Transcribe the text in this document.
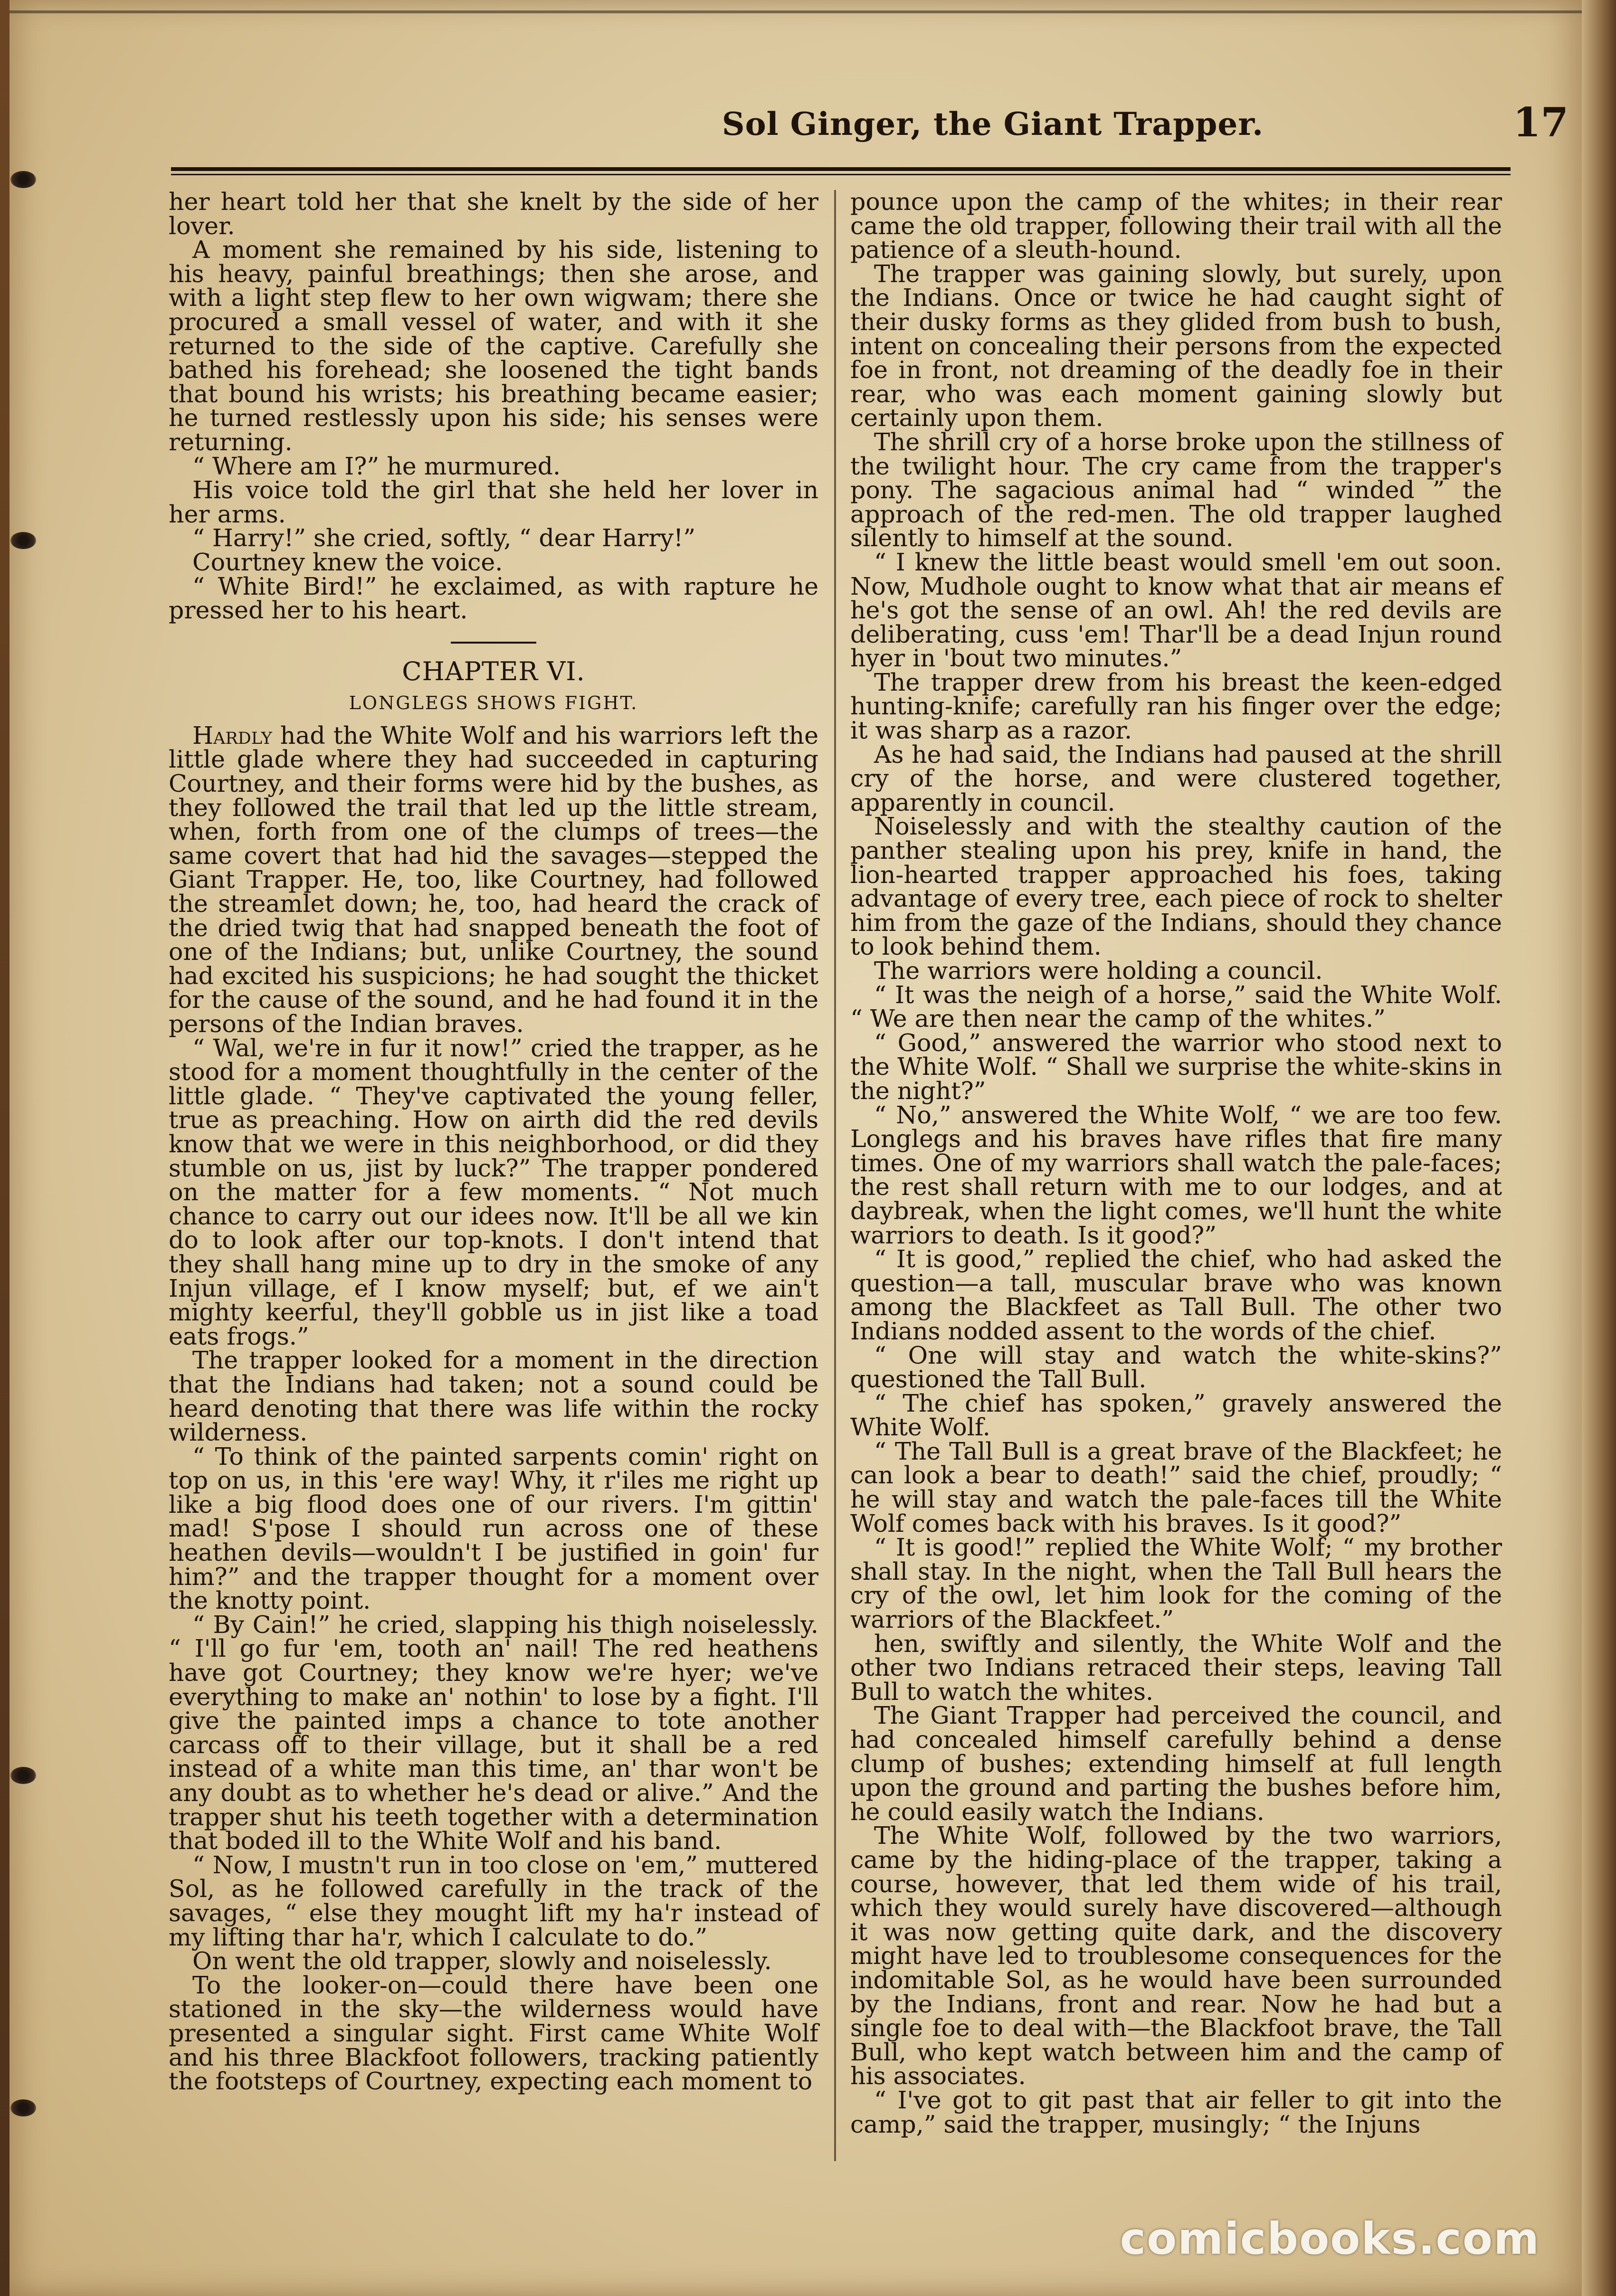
Sol Ginger, the Giant Trapper.	17

her heart told her that she knelt by the side of her lover.

A moment she remained by his side, listening to his heavy, painful breathings; then she arose, and with a light step flew to her own wigwam; there she procured a small vessel of water, and with it she returned to the side of the captive. Carefully she bathed his forehead; she loosened the tight bands that bound his wrists; his breathing became easier; he turned restlessly upon his side; his senses were returning.

“ Where am I?” he murmured.

His voice told the girl that she held her lover in her arms.

“ Harry!” she cried, softly, “ dear Harry!”

Courtney knew the voice.

“ White Bird!” he exclaimed, as with rapture he pressed her to his heart.

CHAPTER VI.
LONGLEGS SHOWS FIGHT.

Hardly had the White Wolf and his warriors left the little glade where they had succeeded in capturing Courtney, and their forms were hid by the bushes, as they followed the trail that led up the little stream, when, forth from one of the clumps of trees—the same covert that had hid the savages—stepped the Giant Trapper. He, too, like Courtney, had followed the streamlet down; he, too, had heard the crack of the dried twig that had snapped beneath the foot of one of the Indians; but, unlike Courtney, the sound had excited his suspicions; he had sought the thicket for the cause of the sound, and he had found it in the persons of the Indian braves.

“ Wal, we're in fur it now!” cried the trapper, as he stood for a moment thoughtfully in the center of the little glade. “ They've captivated the young feller, true as preaching. How on airth did the red devils know that we were in this neighborhood, or did they stumble on us, jist by luck?” The trapper pondered on the matter for a few moments. “ Not much chance to carry out our idees now. It'll be all we kin do to look after our top-knots. I don't intend that they shall hang mine up to dry in the smoke of any Injun village, ef I know myself; but, ef we ain't mighty keerful, they'll gobble us in jist like a toad eats frogs.”

The trapper looked for a moment in the direction that the Indians had taken; not a sound could be heard denoting that there was life within the rocky wilderness.

“ To think of the painted sarpents comin' right on top on us, in this 'ere way! Why, it r'iles me right up like a big flood does one of our rivers. I'm gittin' mad! S'pose I should run across one of these heathen devils—wouldn't I be justified in goin' fur him?” and the trapper thought for a moment over the knotty point.

“ By Cain!” he cried, slapping his thigh noiselessly. “ I'll go fur 'em, tooth an' nail! The red heathens have got Courtney; they know we're hyer; we've everything to make an' nothin' to lose by a fight. I'll give the painted imps a chance to tote another carcass off to their village, but it shall be a red instead of a white man this time, an' thar won't be any doubt as to whether he's dead or alive.” And the trapper shut his teeth together with a determination that boded ill to the White Wolf and his band.

“ Now, I mustn't run in too close on 'em,” muttered Sol, as he followed carefully in the track of the savages, “ else they mought lift my ha'r instead of my lifting thar ha'r, which I calculate to do.”

On went the old trapper, slowly and noiselessly.

To the looker-on—could there have been one stationed in the sky—the wilderness would have presented a singular sight. First came White Wolf and his three Blackfoot followers, tracking patiently the footsteps of Courtney, expecting each moment to

pounce upon the camp of the whites; in their rear came the old trapper, following their trail with all the patience of a sleuth-hound.

The trapper was gaining slowly, but surely, upon the Indians. Once or twice he had caught sight of their dusky forms as they glided from bush to bush, intent on concealing their persons from the expected foe in front, not dreaming of the deadly foe in their rear, who was each moment gaining slowly but certainly upon them.

The shrill cry of a horse broke upon the stillness of the twilight hour. The cry came from the trapper's pony. The sagacious animal had “ winded ” the approach of the red-men. The old trapper laughed silently to himself at the sound.

“ I knew the little beast would smell 'em out soon. Now, Mudhole ought to know what that air means ef he's got the sense of an owl. Ah! the red devils are deliberating, cuss 'em! Thar'll be a dead Injun round hyer in 'bout two minutes.”

The trapper drew from his breast the keen-edged hunting-knife; carefully ran his finger over the edge; it was sharp as a razor.

As he had said, the Indians had paused at the shrill cry of the horse, and were clustered together, apparently in council.

Noiselessly and with the stealthy caution of the panther stealing upon his prey, knife in hand, the lion-hearted trapper approached his foes, taking advantage of every tree, each piece of rock to shelter him from the gaze of the Indians, should they chance to look behind them.

The warriors were holding a council.

“ It was the neigh of a horse,” said the White Wolf. “ We are then near the camp of the whites.”

“ Good,” answered the warrior who stood next to the White Wolf. “ Shall we surprise the white-skins in the night?”

“ No,” answered the White Wolf, “ we are too few. Longlegs and his braves have rifles that fire many times. One of my warriors shall watch the pale-faces; the rest shall return with me to our lodges, and at daybreak, when the light comes, we'll hunt the white warriors to death. Is it good?”

“ It is good,” replied the chief, who had asked the question—a tall, muscular brave who was known among the Blackfeet as Tall Bull. The other two Indians nodded assent to the words of the chief.

“ One will stay and watch the white-skins?” questioned the Tall Bull.

“ The chief has spoken,” gravely answered the White Wolf.

“ The Tall Bull is a great brave of the Blackfeet; he can look a bear to death!” said the chief, proudly; “ he will stay and watch the pale-faces till the White Wolf comes back with his braves. Is it good?”

“ It is good!” replied the White Wolf; “ my brother shall stay. In the night, when the Tall Bull hears the cry of the owl, let him look for the coming of the warriors of the Blackfeet.”

hen, swiftly and silently, the White Wolf and the other two Indians retraced their steps, leaving Tall Bull to watch the whites.

The Giant Trapper had perceived the council, and had concealed himself carefully behind a dense clump of bushes; extending himself at full length upon the ground and parting the bushes before him, he could easily watch the Indians.

The White Wolf, followed by the two warriors, came by the hiding-place of the trapper, taking a course, however, that led them wide of his trail, which they would surely have discovered—although it was now getting quite dark, and the discovery might have led to troublesome consequences for the indomitable Sol, as he would have been surrounded by the Indians, front and rear. Now he had but a single foe to deal with—the Blackfoot brave, the Tall Bull, who kept watch between him and the camp of his associates.

“ I've got to git past that air feller to git into the camp,” said the trapper, musingly; “ the Injuns

comicbooks.com
